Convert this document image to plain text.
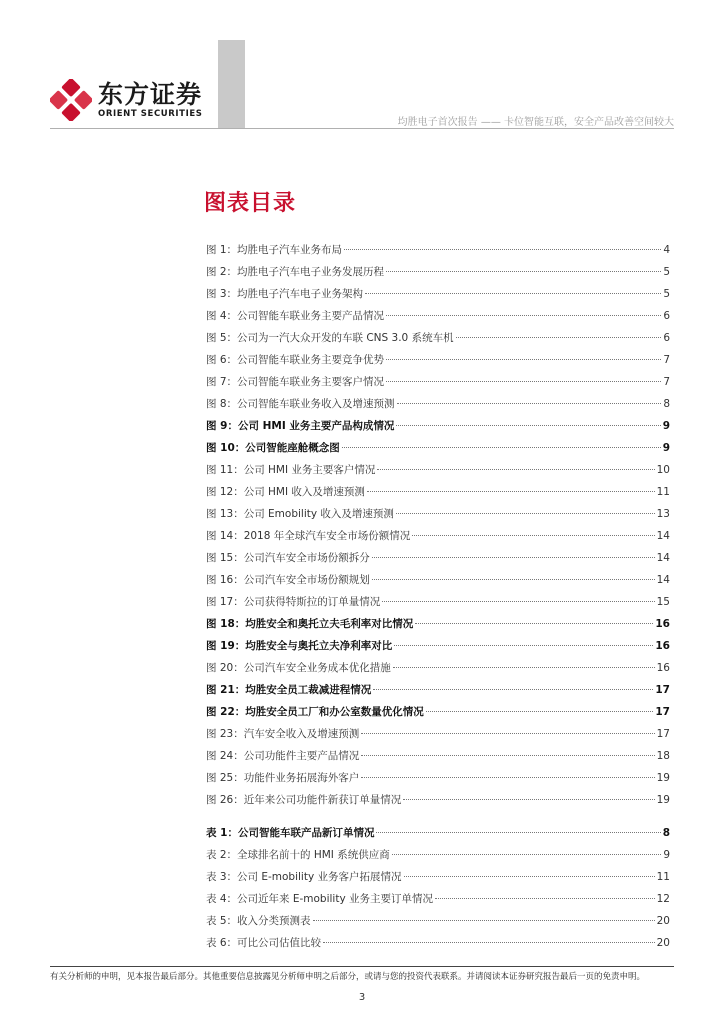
东方证券
ORIENT SECURITIES
均胜电子首次报告 —— 卡位智能互联，安全产品改善空间较大
图表目录
图 1：均胜电子汽车业务布局	4
图 2：均胜电子汽车电子业务发展历程	5
图 3：均胜电子汽车电子业务架构	5
图 4：公司智能车联业务主要产品情况	6
图 5：公司为一汽大众开发的车联 CNS 3.0 系统车机	6
图 6：公司智能车联业务主要竞争优势	7
图 7：公司智能车联业务主要客户情况	7
图 8：公司智能车联业务收入及增速预测	8
图 9：公司 HMI 业务主要产品构成情况	9
图 10：公司智能座舱概念图	9
图 11：公司 HMI 业务主要客户情况	10
图 12：公司 HMI 收入及增速预测	11
图 13：公司 Emobility 收入及增速预测	13
图 14：2018 年全球汽车安全市场份额情况	14
图 15：公司汽车安全市场份额拆分	14
图 16：公司汽车安全市场份额规划	14
图 17：公司获得特斯拉的订单量情况	15
图 18：均胜安全和奥托立夫毛利率对比情况	16
图 19：均胜安全与奥托立夫净利率对比	16
图 20：公司汽车安全业务成本优化措施	16
图 21：均胜安全员工裁减进程情况	17
图 22：均胜安全员工厂和办公室数量优化情况	17
图 23：汽车安全收入及增速预测	17
图 24：公司功能件主要产品情况	18
图 25：功能件业务拓展海外客户	19
图 26：近年来公司功能件新获订单量情况	19
表 1：公司智能车联产品新订单情况	8
表 2：全球排名前十的 HMI 系统供应商	9
表 3：公司 E-mobility 业务客户拓展情况	11
表 4：公司近年来 E-mobility 业务主要订单情况	12
表 5：收入分类预测表	20
表 6：可比公司估值比较	20
有关分析师的申明，见本报告最后部分。其他重要信息披露见分析师申明之后部分，或请与您的投资代表联系。并请阅读本证券研究报告最后一页的免责申明。
3
